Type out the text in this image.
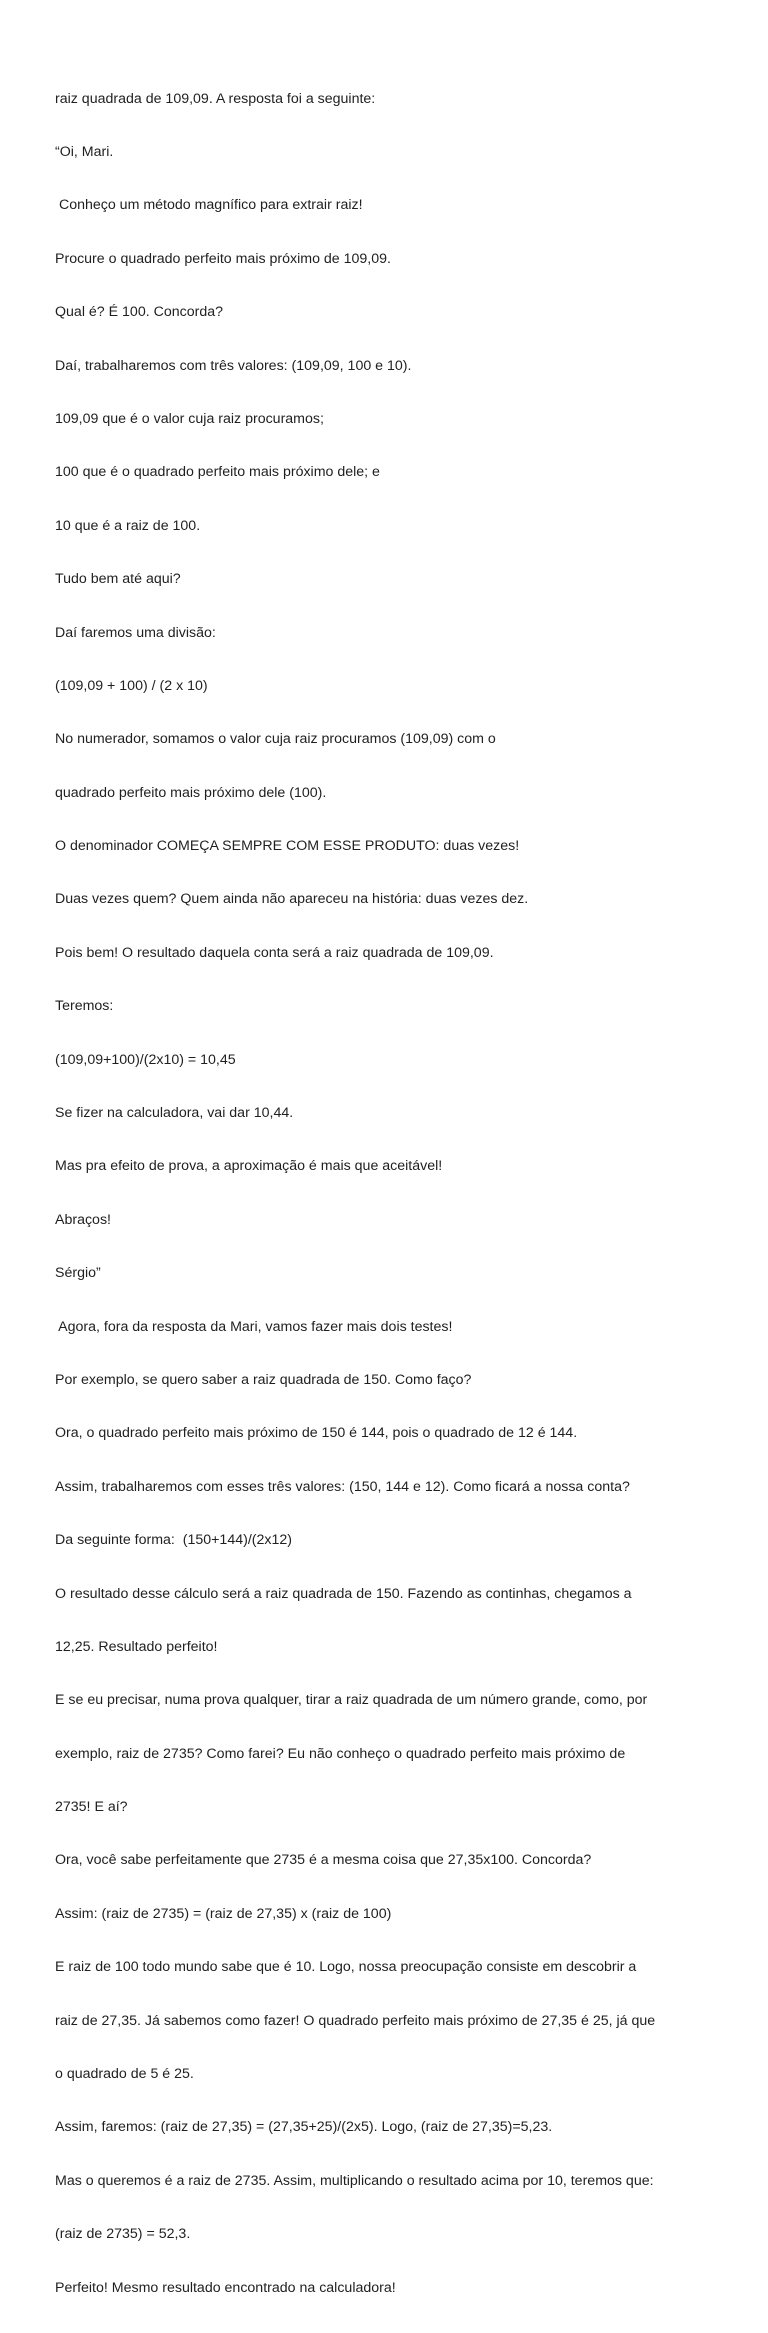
raiz quadrada de 109,09. A resposta foi a seguinte:

“Oi, Mari.

Conheço um método magnífico para extrair raiz!

Procure o quadrado perfeito mais próximo de 109,09.

Qual é? É 100. Concorda?

Daí, trabalharemos com três valores: (109,09, 100 e 10).

109,09 que é o valor cuja raiz procuramos;

100 que é o quadrado perfeito mais próximo dele; e

10 que é a raiz de 100.

Tudo bem até aqui?

Daí faremos uma divisão:

(109,09 + 100) / (2 x 10)

No numerador, somamos o valor cuja raiz procuramos (109,09) com o

quadrado perfeito mais próximo dele (100).

O denominador COMEÇA SEMPRE COM ESSE PRODUTO: duas vezes!

Duas vezes quem? Quem ainda não apareceu na história: duas vezes dez.

Pois bem! O resultado daquela conta será a raiz quadrada de 109,09.

Teremos:

(109,09+100)/(2x10) = 10,45

Se fizer na calculadora, vai dar 10,44.

Mas pra efeito de prova, a aproximação é mais que aceitável!

Abraços!

Sérgio”

Agora, fora da resposta da Mari, vamos fazer mais dois testes!

Por exemplo, se quero saber a raiz quadrada de 150. Como faço?

Ora, o quadrado perfeito mais próximo de 150 é 144, pois o quadrado de 12 é 144.

Assim, trabalharemos com esses três valores: (150, 144 e 12). Como ficará a nossa conta?

Da seguinte forma:  (150+144)/(2x12)

O resultado desse cálculo será a raiz quadrada de 150. Fazendo as continhas, chegamos a

12,25. Resultado perfeito!

E se eu precisar, numa prova qualquer, tirar a raiz quadrada de um número grande, como, por

exemplo, raiz de 2735? Como farei? Eu não conheço o quadrado perfeito mais próximo de

2735! E aí?

Ora, você sabe perfeitamente que 2735 é a mesma coisa que 27,35x100. Concorda?

Assim: (raiz de 2735) = (raiz de 27,35) x (raiz de 100)

E raiz de 100 todo mundo sabe que é 10. Logo, nossa preocupação consiste em descobrir a

raiz de 27,35. Já sabemos como fazer! O quadrado perfeito mais próximo de 27,35 é 25, já que

o quadrado de 5 é 25.

Assim, faremos: (raiz de 27,35) = (27,35+25)/(2x5). Logo, (raiz de 27,35)=5,23.

Mas o queremos é a raiz de 2735. Assim, multiplicando o resultado acima por 10, teremos que:

(raiz de 2735) = 52,3.

Perfeito! Mesmo resultado encontrado na calculadora!
